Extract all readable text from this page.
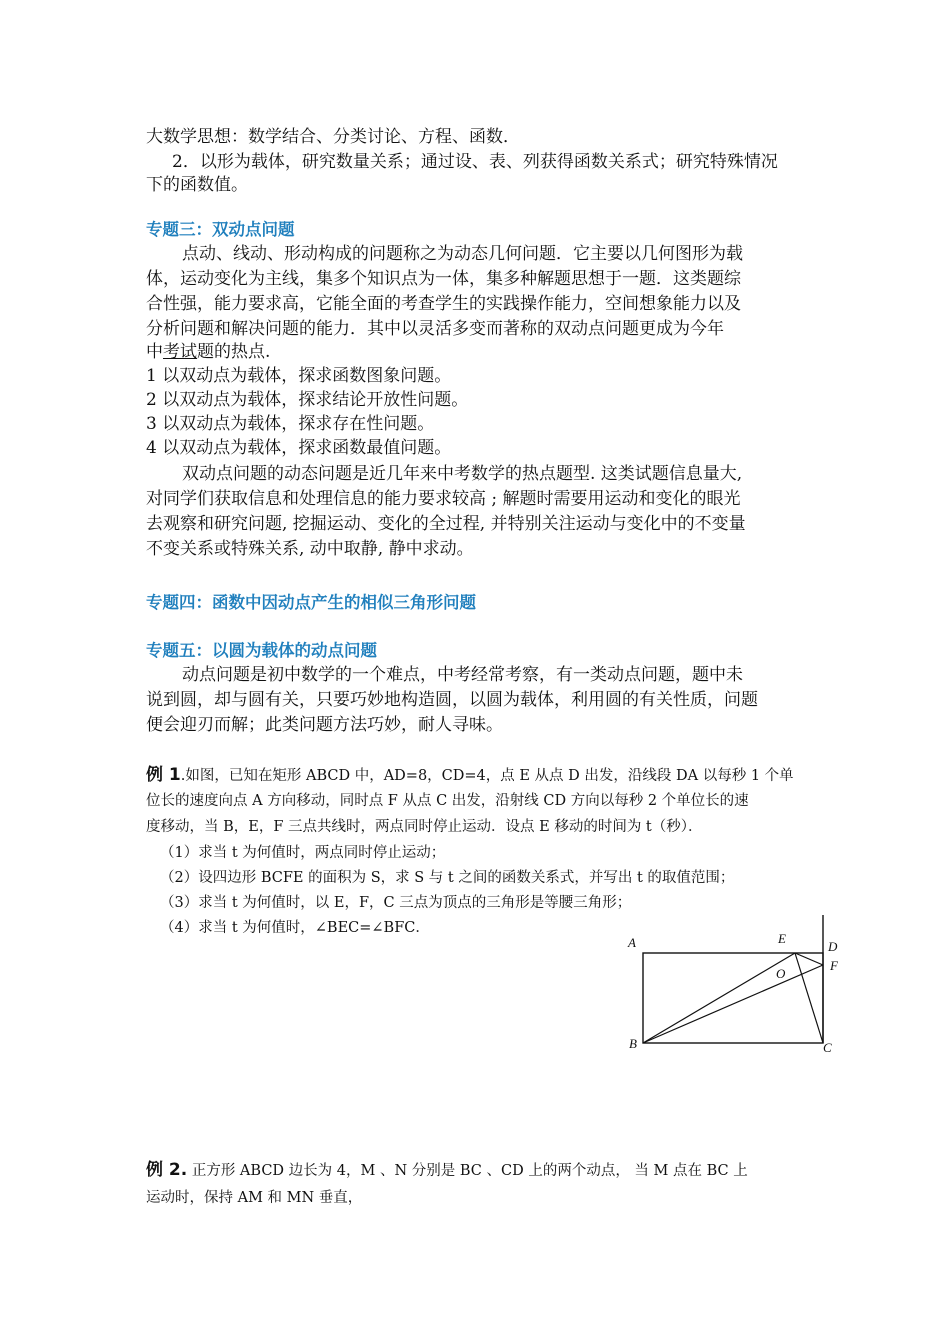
大数学思想：数学结合、分类讨论、方程、函数．
2．以形为载体，研究数量关系；通过设、表、列获得函数关系式；研究特殊情况
下的函数值。
专题三：双动点问题
点动、线动、形动构成的问题称之为动态几何问题．它主要以几何图形为载
体，运动变化为主线，集多个知识点为一体，集多种解题思想于一题．这类题综
合性强，能力要求高，它能全面的考查学生的实践操作能力，空间想象能力以及
分析问题和解决问题的能力．其中以灵活多变而著称的双动点问题更成为今年
中考试题的热点.
1 以双动点为载体，探求函数图象问题。
2 以双动点为载体，探求结论开放性问题。
3 以双动点为载体，探求存在性问题。
4 以双动点为载体，探求函数最值问题。
双动点问题的动态问题是近几年来中考数学的热点题型. 这类试题信息量大,
对同学们获取信息和处理信息的能力要求较高 ; 解题时需要用运动和变化的眼光
去观察和研究问题, 挖掘运动、变化的全过程, 并特别关注运动与变化中的不变量
不变关系或特殊关系, 动中取静, 静中求动。
专题四：函数中因动点产生的相似三角形问题
专题五：以圆为载体的动点问题
动点问题是初中数学的一个难点，中考经常考察，有一类动点问题，题中未
说到圆，却与圆有关，只要巧妙地构造圆，以圆为载体，利用圆的有关性质，问题
便会迎刃而解；此类问题方法巧妙，耐人寻味。
例 1.如图，已知在矩形 ABCD 中，AD=8，CD=4，点 E 从点 D 出发，沿线段 DA 以每秒 1 个单
位长的速度向点 A 方向移动，同时点 F 从点 C 出发，沿射线 CD 方向以每秒 2 个单位长的速
度移动，当 B，E，F 三点共线时，两点同时停止运动．设点 E 移动的时间为 t（秒）．
（1）求当 t 为何值时，两点同时停止运动；
（2）设四边形 BCFE 的面积为 S，求 S 与 t 之间的函数关系式，并写出 t 的取值范围；
（3）求当 t 为何值时，以 E，F，C 三点为顶点的三角形是等腰三角形；
（4）求当 t 为何值时，∠BEC=∠BFC．
A	E
D
F
O
B	C
例 2. 正方形 ABCD 边长为 4，M 、N 分别是 BC 、CD 上的两个动点， 当 M 点在 BC 上
运动时，保持 AM 和 MN 垂直，
